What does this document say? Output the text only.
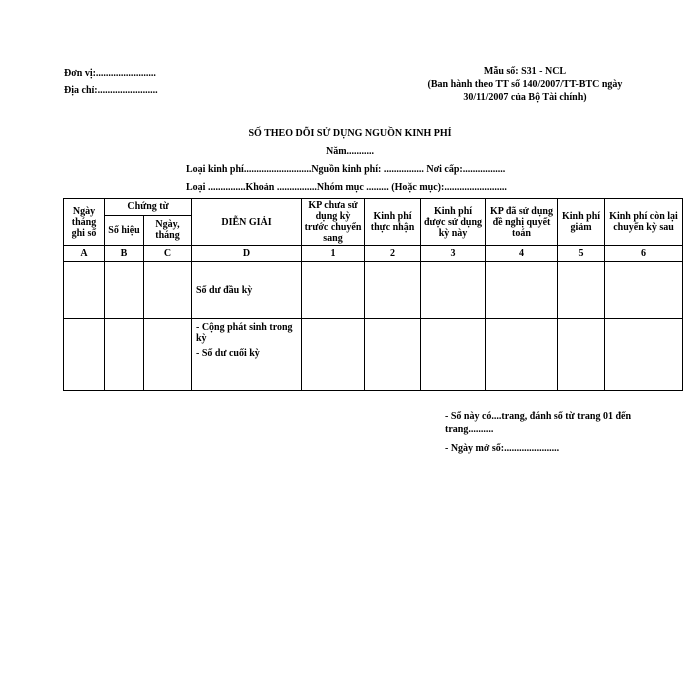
Đơn vị:........................
Địa chỉ:........................
Mẫu số: S31 - NCL
(Ban hành theo TT số 140/2007/TT-BTC ngày
30/11/2007 của Bộ Tài chính)
SỐ THEO DÕI SỬ DỤNG NGUỒN KINH PHÍ
Năm...........
Loại kinh phí...........................Nguồn kinh phí: ................ Nơi cấp:.................
Loại ...............Khoản ................Nhóm mục ......... (Hoặc mục):.........................
Ngày tháng ghi sổ	Chứng từ		DIỄN GIẢI	KP chưa sử dụng kỳ trước chuyển sang	Kinh phí thực nhận	Kinh phí được sử dụng kỳ này	KP đã sử dụng đề nghị quyết toán	Kinh phí giảm	Kinh phí còn lại chuyển kỳ sau
	Số hiệu	Ngày, tháng							
A	B	C	D	1	2	3	4	5	6
			Số dư đầu kỳ						

			- Cộng phát sinh trong kỳ
- Số dư cuối kỳ						

- Sổ này có....trang, đánh số từ trang 01 đến trang..........

- Ngày mở sổ:......................
